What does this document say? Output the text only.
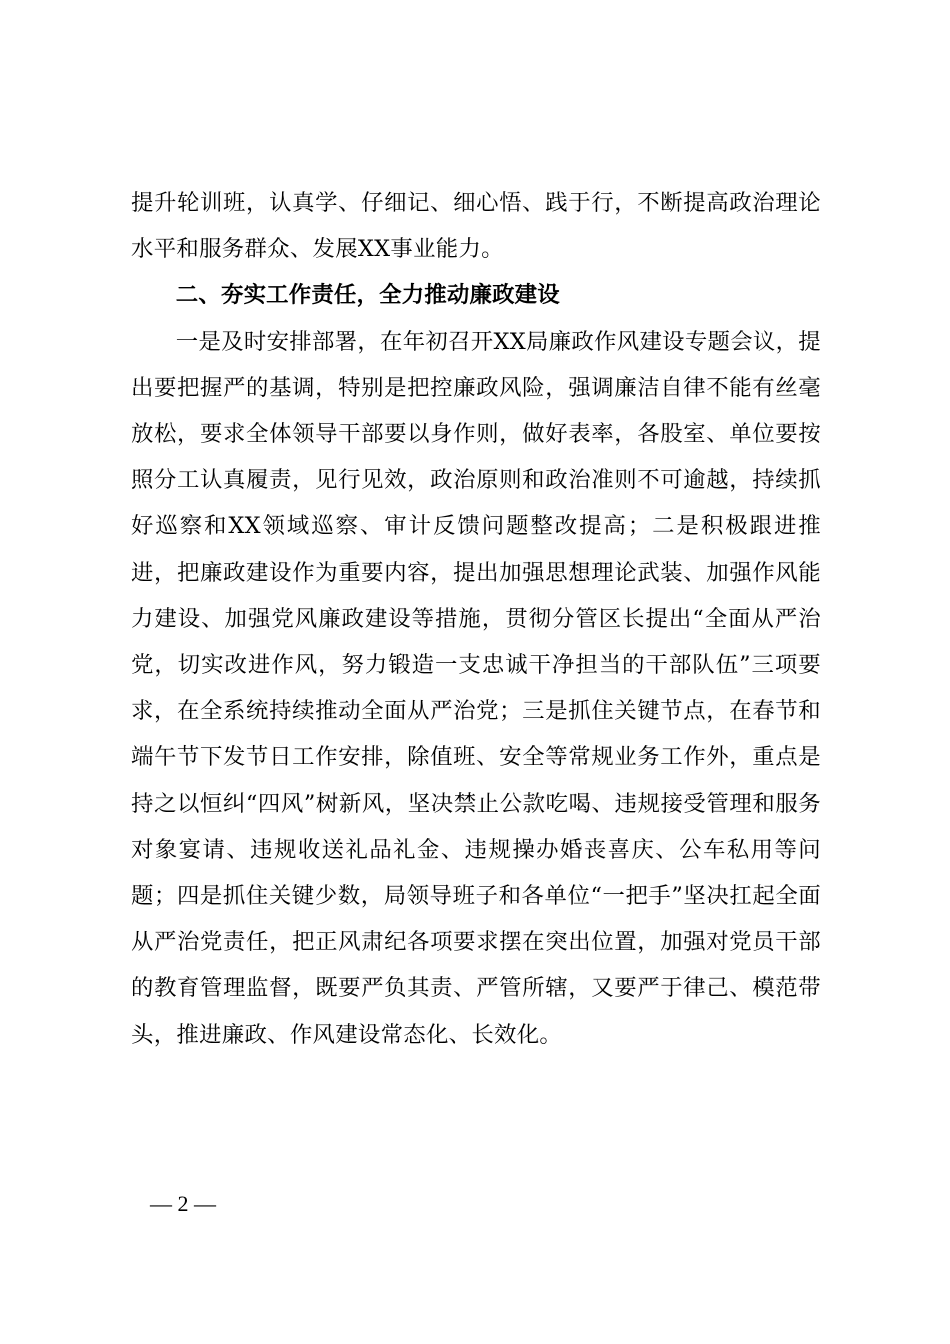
提升轮训班，认真学、仔细记、细心悟、践于行，不断提高政治理论水平和服务群众、发展XX事业能力。

二、夯实工作责任，全力推动廉政建设

一是及时安排部署，在年初召开XX局廉政作风建设专题会议，提出要把握严的基调，特别是把控廉政风险，强调廉洁自律不能有丝毫放松，要求全体领导干部要以身作则，做好表率，各股室、单位要按照分工认真履责，见行见效，政治原则和政治准则不可逾越，持续抓好巡察和XX领域巡察、审计反馈问题整改提高；二是积极跟进推进，把廉政建设作为重要内容，提出加强思想理论武装、加强作风能力建设、加强党风廉政建设等措施，贯彻分管区长提出“全面从严治党，切实改进作风，努力锻造一支忠诚干净担当的干部队伍”三项要求，在全系统持续推动全面从严治党；三是抓住关键节点，在春节和端午节下发节日工作安排，除值班、安全等常规业务工作外，重点是持之以恒纠“四风”树新风，坚决禁止公款吃喝、违规接受管理和服务对象宴请、违规收送礼品礼金、违规操办婚丧喜庆、公车私用等问题；四是抓住关键少数，局领导班子和各单位“一把手”坚决扛起全面从严治党责任，把正风肃纪各项要求摆在突出位置，加强对党员干部的教育管理监督，既要严负其责、严管所辖，又要严于律己、模范带头，推进廉政、作风建设常态化、长效化。

— 2 —
